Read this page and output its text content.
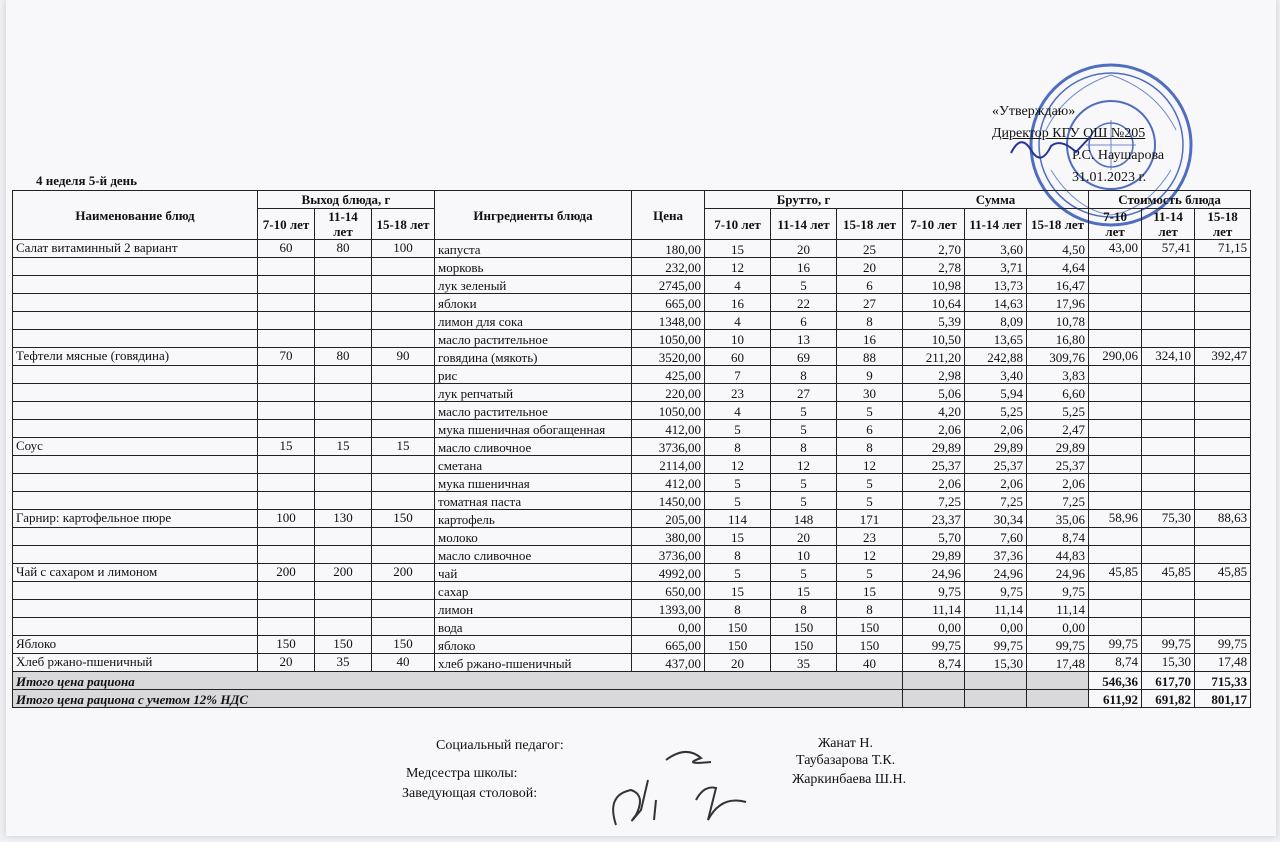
«Утверждаю»
Директор КГУ ОШ №205
Р.С. Наушарова
31.01.2023 г.
4 неделя 5-й день
Наименование блюд	Выход блюда, г			Ингредиенты блюда	Цена	Брутто, г			Сумма			Стоимость блюда		
	7-10 лет	11-14 лет	15-18 лет			7-10 лет	11-14 лет	15-18 лет	7-10 лет	11-14 лет	15-18 лет	7-10 лет	11-14 лет	15-18 лет
Салат витаминный 2 вариант	60	80	100	капуста	180,00	15	20	25	2,70	3,60	4,50	43,00	57,41	71,15
				морковь	232,00	12	16	20	2,78	3,71	4,64			
				лук зеленый	2745,00	4	5	6	10,98	13,73	16,47			
				яблоки	665,00	16	22	27	10,64	14,63	17,96			
				лимон для сока	1348,00	4	6	8	5,39	8,09	10,78			
				масло растительное	1050,00	10	13	16	10,50	13,65	16,80			
Тефтели мясные (говядина)	70	80	90	говядина (мякоть)	3520,00	60	69	88	211,20	242,88	309,76	290,06	324,10	392,47
				рис	425,00	7	8	9	2,98	3,40	3,83			
				лук репчатый	220,00	23	27	30	5,06	5,94	6,60			
				масло растительное	1050,00	4	5	5	4,20	5,25	5,25			
				мука пшеничная обогащенная	412,00	5	5	6	2,06	2,06	2,47			
Соус	15	15	15	масло сливочное	3736,00	8	8	8	29,89	29,89	29,89			
				сметана	2114,00	12	12	12	25,37	25,37	25,37			
				мука пшеничная	412,00	5	5	5	2,06	2,06	2,06			
				томатная паста	1450,00	5	5	5	7,25	7,25	7,25			
Гарнир: картофельное пюре	100	130	150	картофель	205,00	114	148	171	23,37	30,34	35,06	58,96	75,30	88,63
				молоко	380,00	15	20	23	5,70	7,60	8,74			
				масло сливочное	3736,00	8	10	12	29,89	37,36	44,83			
Чай с сахаром и лимоном	200	200	200	чай	4992,00	5	5	5	24,96	24,96	24,96	45,85	45,85	45,85
				сахар	650,00	15	15	15	9,75	9,75	9,75			
				лимон	1393,00	8	8	8	11,14	11,14	11,14			
				вода	0,00	150	150	150	0,00	0,00	0,00			
Яблоко	150	150	150	яблоко	665,00	150	150	150	99,75	99,75	99,75	99,75	99,75	99,75
Хлеб ржано-пшеничный	20	35	40	хлеб ржано-пшеничный	437,00	20	35	40	8,74	15,30	17,48	8,74	15,30	17,48
Итого цена рациона												546,36	617,70	715,33
Итого цена рациона с учетом 12% НДС												611,92	691,82	801,17
Социальный педагог:	Жанат Н.
Медсестра школы:
Таубазарова Т.К.
Заведующая столовой:
Жаркинбаева Ш.Н.
